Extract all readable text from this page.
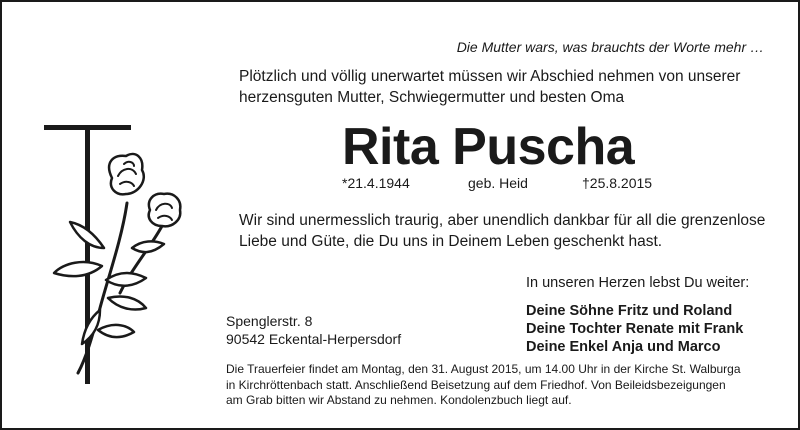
Die Mutter wars, was brauchts der Worte mehr …
Plötzlich und völlig unerwartet müssen wir Abschied nehmen von unserer
herzensguten Mutter, Schwiegermutter und besten Oma
Rita Puscha
*21.4.1944	geb. Heid	†25.8.2015
Wir sind unermesslich traurig, aber unendlich dankbar für all die grenzenlose
Liebe und Güte, die Du uns in Deinem Leben geschenkt hast.
In unseren Herzen lebst Du weiter:
Deine Söhne Fritz und Roland
Deine Tochter Renate mit Frank
Deine Enkel Anja und Marco
Spenglerstr. 8
90542 Eckental-Herpersdorf
Die Trauerfeier findet am Montag, den 31. August 2015, um 14.00 Uhr in der Kirche St. Walburga
in Kirchröttenbach statt. Anschließend Beisetzung auf dem Friedhof. Von Beileidsbezeigungen
am Grab bitten wir Abstand zu nehmen. Kondolenzbuch liegt auf.
